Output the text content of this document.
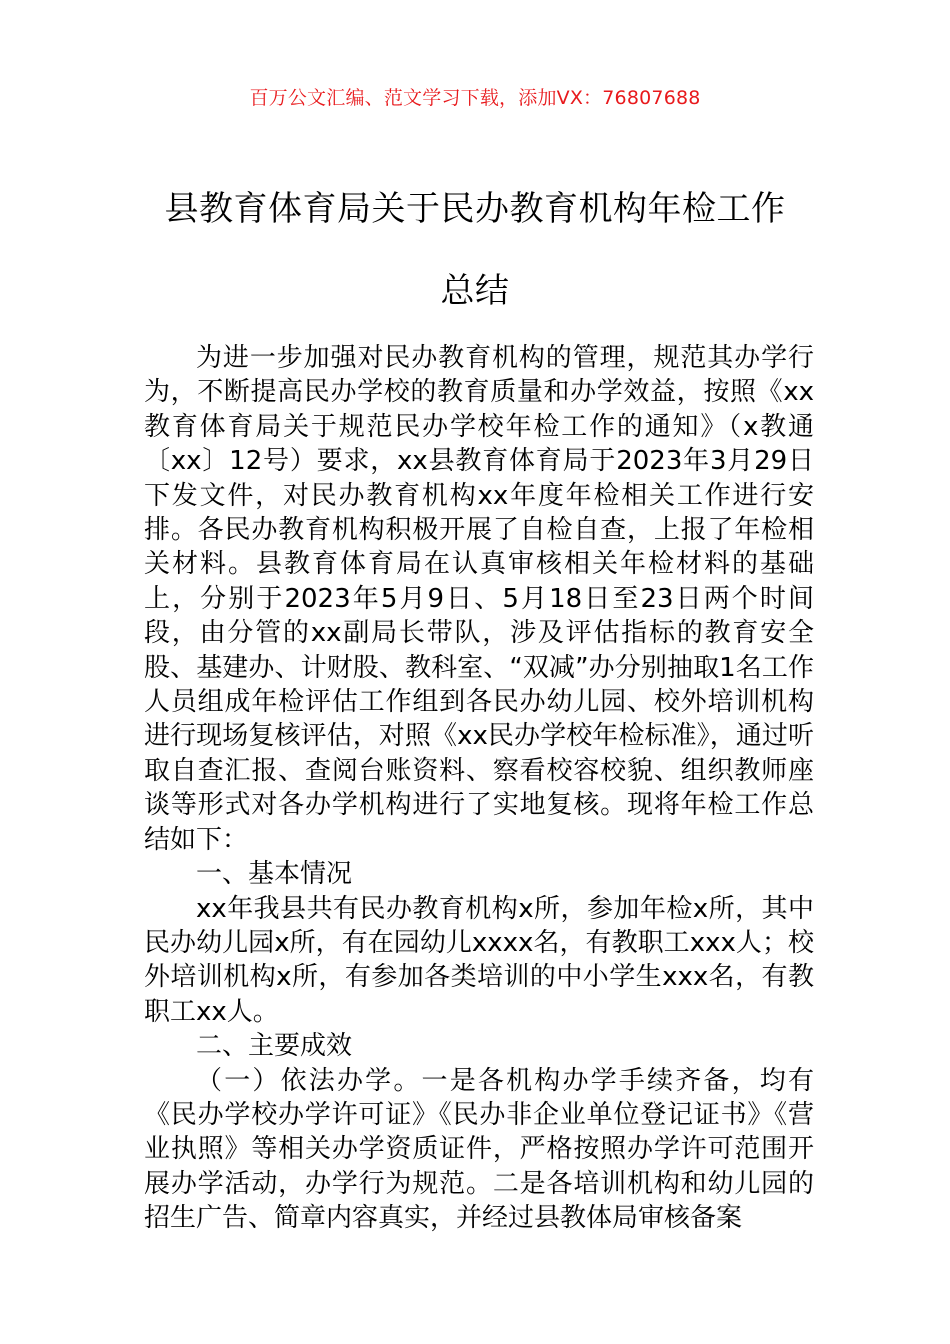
百万公文汇编、范文学习下载，添加VX：76807688
县教育体育局关于民办教育机构年检工作
总结

为进一步加强对民办教育机构的管理，规范其办学行为，不断提高民办学校的教育质量和办学效益，按照《xx教育体育局关于规范民办学校年检工作的通知》（x教通〔xx〕12号）要求，xx县教育体育局于2023年3月29日下发文件，对民办教育机构xx年度年检相关工作进行安排。各民办教育机构积极开展了自检自查，上报了年检相关材料。县教育体育局在认真审核相关年检材料的基础上，分别于2023年5月9日、5月18日至23日两个时间段，由分管的xx副局长带队，涉及评估指标的教育安全股、基建办、计财股、教科室、“双减”办分别抽取1名工作人员组成年检评估工作组到各民办幼儿园、校外培训机构进行现场复核评估，对照《xx民办学校年检标准》，通过听取自查汇报、查阅台账资料、察看校容校貌、组织教师座谈等形式对各办学机构进行了实地复核。现将年检工作总结如下：

一、基本情况

xx年我县共有民办教育机构x所，参加年检x所，其中民办幼儿园x所，有在园幼儿xxxx名，有教职工xxx人；校外培训机构x所，有参加各类培训的中小学生xxx名，有教职工xx人。

二、主要成效

（一）依法办学。一是各机构办学手续齐备，均有《民办学校办学许可证》《民办非企业单位登记证书》《营业执照》等相关办学资质证件，严格按照办学许可范围开展办学活动，办学行为规范。二是各培训机构和幼儿园的招生广告、简章内容真实，并经过县教体局审核备案
